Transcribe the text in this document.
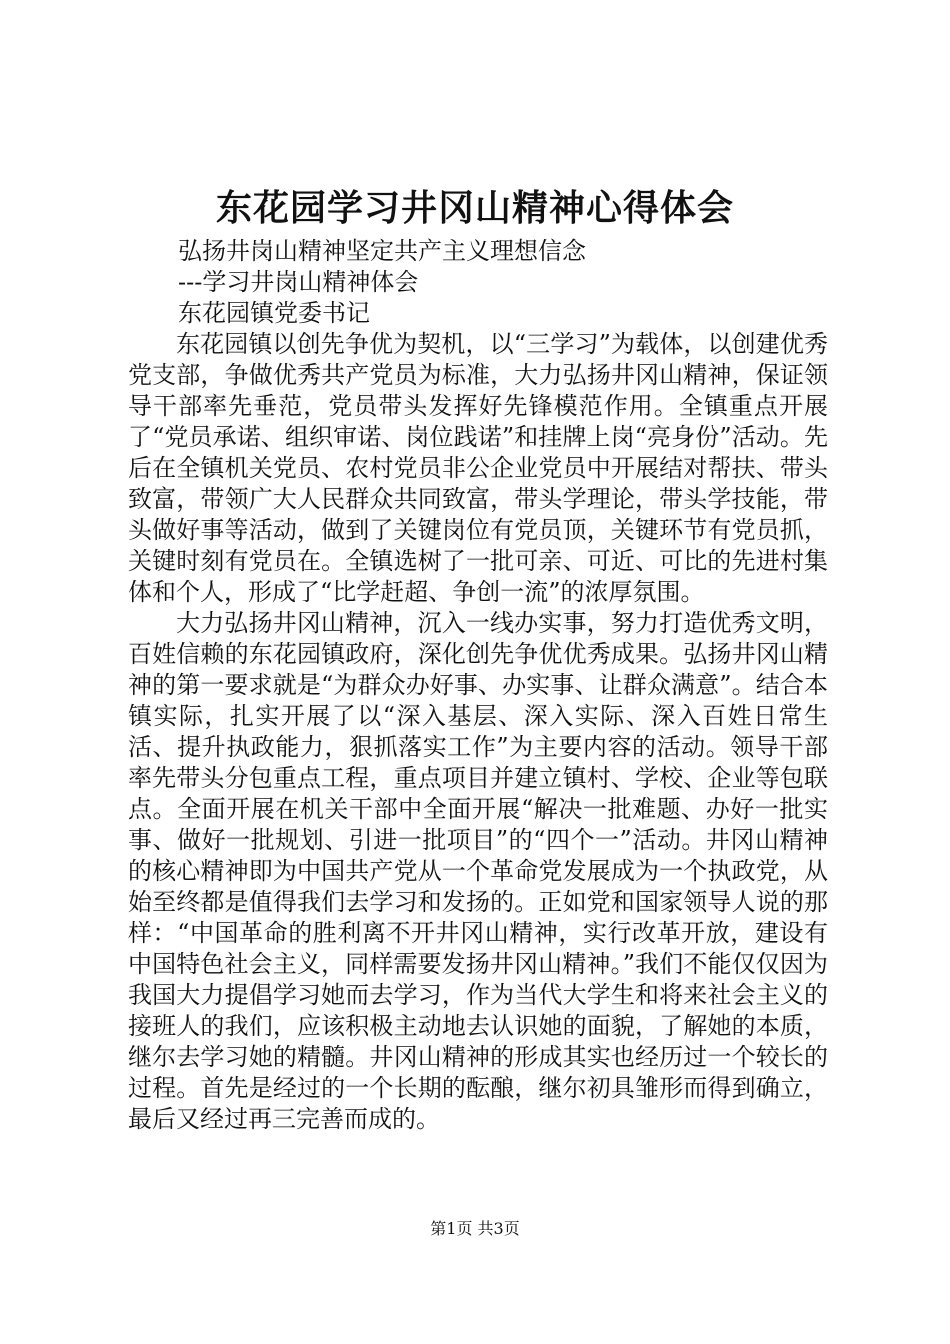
东花园学习井冈山精神心得体会

弘扬井岗山精神坚定共产主义理想信念

---学习井岗山精神体会

东花园镇党委书记

东花园镇以创先争优为契机，以“三学习”为载体，以创建优秀党支部，争做优秀共产党员为标准，大力弘扬井冈山精神，保证领导干部率先垂范，党员带头发挥好先锋模范作用。全镇重点开展了“党员承诺、组织审诺、岗位践诺”和挂牌上岗“亮身份”活动。先后在全镇机关党员、农村党员非公企业党员中开展结对帮扶、带头致富，带领广大人民群众共同致富，带头学理论，带头学技能，带头做好事等活动，做到了关键岗位有党员顶，关键环节有党员抓，关键时刻有党员在。全镇选树了一批可亲、可近、可比的先进村集体和个人，形成了“比学赶超、争创一流”的浓厚氛围。

大力弘扬井冈山精神，沉入一线办实事，努力打造优秀文明，百姓信赖的东花园镇政府，深化创先争优优秀成果。弘扬井冈山精神的第一要求就是“为群众办好事、办实事、让群众满意”。结合本镇实际，扎实开展了以“深入基层、深入实际、深入百姓日常生活、提升执政能力，狠抓落实工作”为主要内容的活动。领导干部率先带头分包重点工程，重点项目并建立镇村、学校、企业等包联点。全面开展在机关干部中全面开展“解决一批难题、办好一批实事、做好一批规划、引进一批项目”的“四个一”活动。井冈山精神的核心精神即为中国共产党从一个革命党发展成为一个执政党，从始至终都是值得我们去学习和发扬的。正如党和国家领导人说的那样：“中国革命的胜利离不开井冈山精神，实行改革开放，建设有中国特色社会主义，同样需要发扬井冈山精神。”我们不能仅仅因为我国大力提倡学习她而去学习，作为当代大学生和将来社会主义的接班人的我们，应该积极主动地去认识她的面貌，了解她的本质，继尔去学习她的精髓。井冈山精神的形成其实也经历过一个较长的过程。首先是经过的一个长期的酝酿，继尔初具雏形而得到确立，最后又经过再三完善而成的。

第1页 共3页
